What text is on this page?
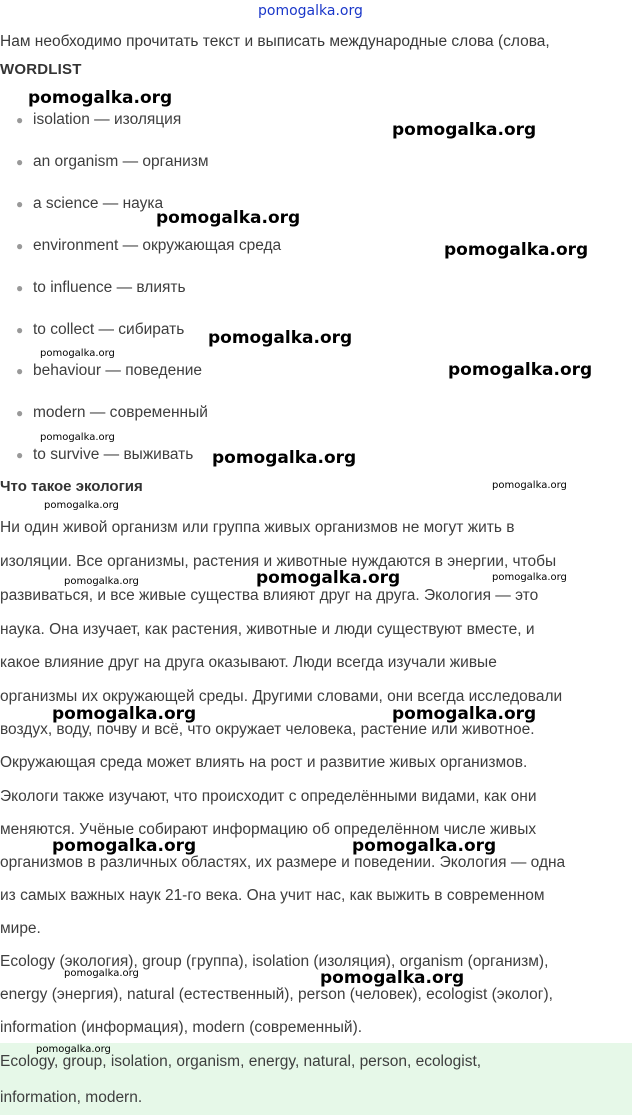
pomogalka.org
Нам необходимо прочитать текст и выписать международные слова (слова,
WORDLIST
● isolation — изоляция
● an organism — организм
● a science — наука
● environment — окружающая среда
● to influence — влиять
● to collect — сибирать
● behaviour — поведение
● modern — современный
● to survive — выживать
Что такое экология
Ни один живой организм или группа живых организмов не могут жить в
изоляции. Все организмы, растения и животные нуждаются в энергии, чтобы
развиваться, и все живые существа влияют друг на друга. Экология — это
наука. Она изучает, как растения, животные и люди существуют вместе, и
какое влияние друг на друга оказывают. Люди всегда изучали живые
организмы их окружающей среды. Другими словами, они всегда исследовали
воздух, воду, почву и всё, что окружает человека, растение или животное.
Окружающая среда может влиять на рост и развитие живых организмов.
Экологи также изучают, что происходит с определёнными видами, как они
меняются. Учёные собирают информацию об определённом числе живых
организмов в различных областях, их размере и поведении. Экология — одна
из самых важных наук 21-го века. Она учит нас, как выжить в современном
мире.
Ecology (экология), group (группа), isolation (изоляция), organism (организм),
energy (энергия), natural (естественный), person (человек), ecologist (эколог),
information (информация), modern (современный).
Ecology, group, isolation, organism, energy, natural, person, ecologist,
information, modern.
pomogalka.org
pomogalka.org
pomogalka.org
pomogalka.org
pomogalka.org
pomogalka.org
pomogalka.org
pomogalka.org
pomogalka.org
pomogalka.org
pomogalka.org
pomogalka.org	pomogalka.org	pomogalka.org
pomogalka.org	pomogalka.org
pomogalka.org	pomogalka.org
pomogalka.org	pomogalka.org
pomogalka.org
